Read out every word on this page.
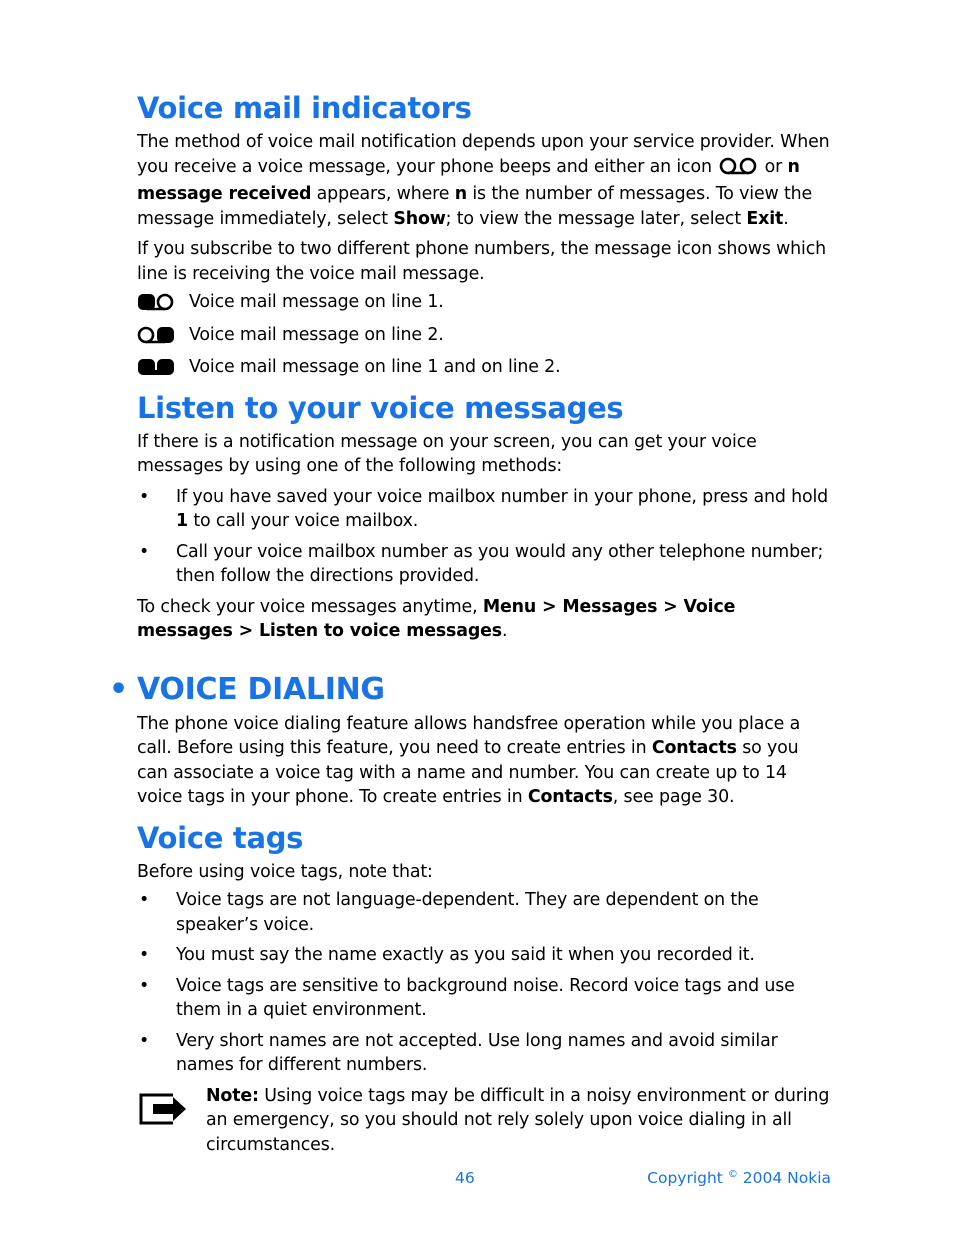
Voice mail indicators

The method of voice mail notification depends upon your service provider. When you receive a voice message, your phone beeps and either an icon	or n message received appears, where n is the number of messages. To view the message immediately, select Show; to view the message later, select Exit.

If you subscribe to two different phone numbers, the message icon shows which line is receiving the voice mail message.

Voice mail message on line 1.

Voice mail message on line 2.

Voice mail message on line 1 and on line 2.

Listen to your voice messages

If there is a notification message on your screen, you can get your voice messages by using one of the following methods:

• If you have saved your voice mailbox number in your phone, press and hold 1 to call your voice mailbox.
• Call your voice mailbox number as you would any other telephone number; then follow the directions provided.

To check your voice messages anytime, Menu > Messages > Voice messages > Listen to voice messages.

• VOICE DIALING

The phone voice dialing feature allows handsfree operation while you place a call. Before using this feature, you need to create entries in Contacts so you can associate a voice tag with a name and number. You can create up to 14 voice tags in your phone. To create entries in Contacts, see page 30.

Voice tags

Before using voice tags, note that:

• Voice tags are not language-dependent. They are dependent on the speaker’s voice.
• You must say the name exactly as you said it when you recorded it.
• Voice tags are sensitive to background noise. Record voice tags and use them in a quiet environment.
• Very short names are not accepted. Use long names and avoid similar names for different numbers.

Note: Using voice tags may be difficult in a noisy environment or during an emergency, so you should not rely solely upon voice dialing in all circumstances.

46	Copyright © 2004 Nokia
